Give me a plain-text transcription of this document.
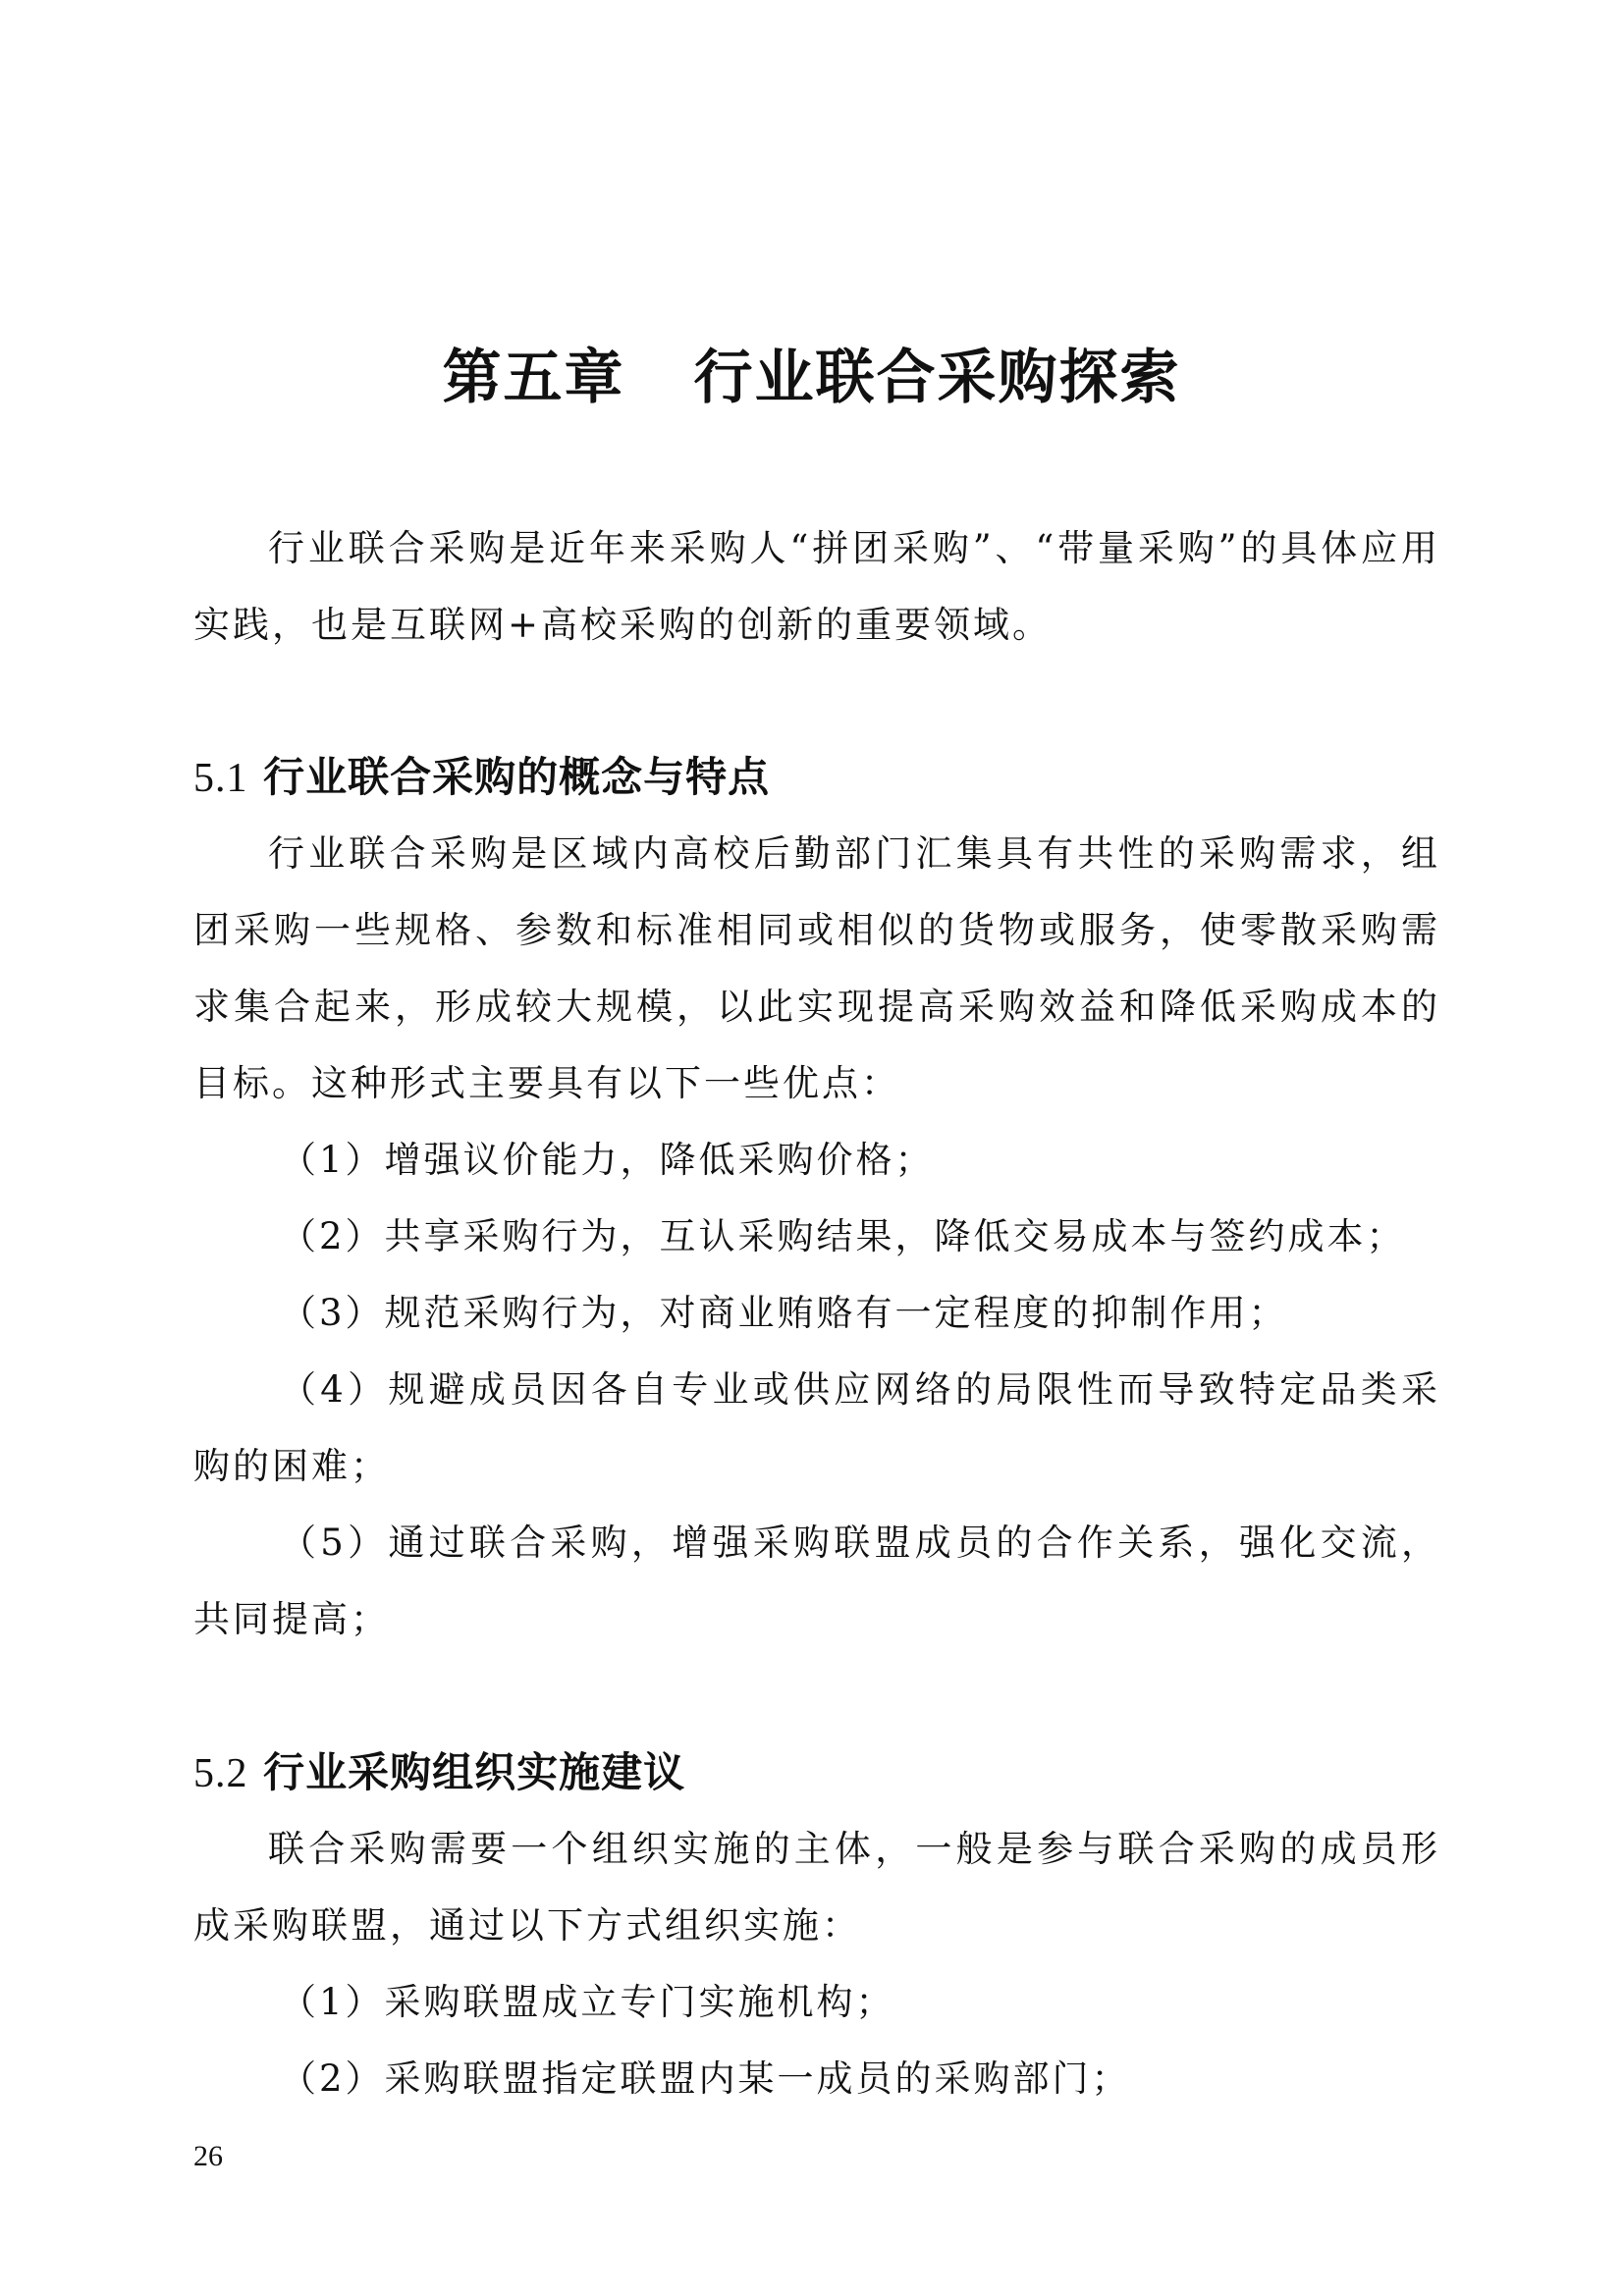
第五章 行业联合采购探索

行业联合采购是近年来采购人“拼团采购”、“带量采购”的具体应用实践，也是互联网+高校采购的创新的重要领域。

5.1 行业联合采购的概念与特点

行业联合采购是区域内高校后勤部门汇集具有共性的采购需求，组团采购一些规格、参数和标准相同或相似的货物或服务，使零散采购需求集合起来，形成较大规模，以此实现提高采购效益和降低采购成本的目标。这种形式主要具有以下一些优点：

（1）增强议价能力，降低采购价格；

（2）共享采购行为，互认采购结果，降低交易成本与签约成本；

（3）规范采购行为，对商业贿赂有一定程度的抑制作用；

（4）规避成员因各自专业或供应网络的局限性而导致特定品类采购的困难；

（5）通过联合采购，增强采购联盟成员的合作关系，强化交流，共同提高；

5.2 行业采购组织实施建议

联合采购需要一个组织实施的主体，一般是参与联合采购的成员形成采购联盟，通过以下方式组织实施：

（1）采购联盟成立专门实施机构；

（2）采购联盟指定联盟内某一成员的采购部门；

26
